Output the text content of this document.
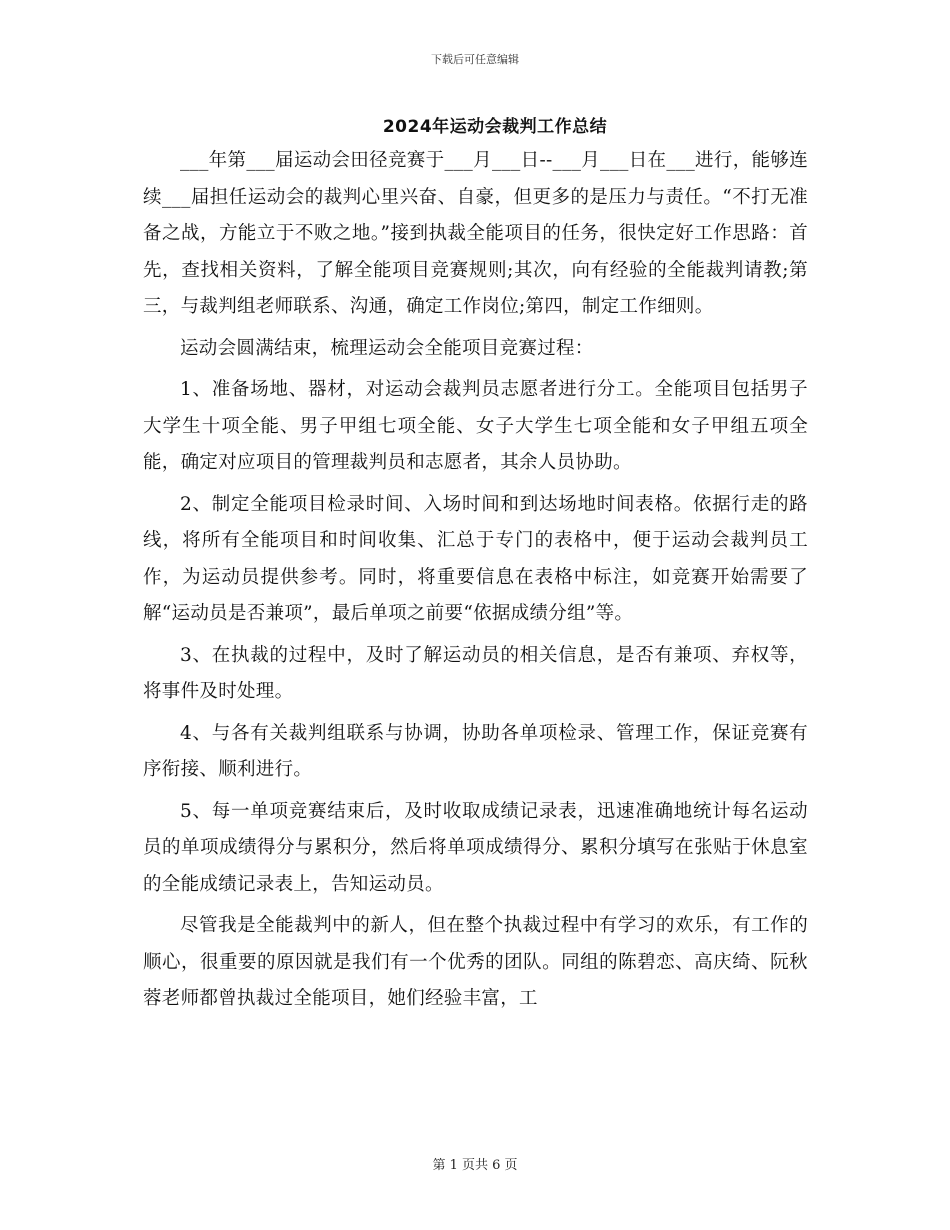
下载后可任意编辑
2024年运动会裁判工作总结

___年第___届运动会田径竞赛于___月___日--___月___日在___进行，能够连续___届担任运动会的裁判心里兴奋、自豪，但更多的是压力与责任。“不打无准备之战，方能立于不败之地。”接到执裁全能项目的任务，很快定好工作思路：首先，查找相关资料，了解全能项目竞赛规则;其次，向有经验的全能裁判请教;第三，与裁判组老师联系、沟通，确定工作岗位;第四，制定工作细则。

运动会圆满结束，梳理运动会全能项目竞赛过程：

1、准备场地、器材，对运动会裁判员志愿者进行分工。全能项目包括男子大学生十项全能、男子甲组七项全能、女子大学生七项全能和女子甲组五项全能，确定对应项目的管理裁判员和志愿者，其余人员协助。

2、制定全能项目检录时间、入场时间和到达场地时间表格。依据行走的路线，将所有全能项目和时间收集、汇总于专门的表格中，便于运动会裁判员工作，为运动员提供参考。同时，将重要信息在表格中标注，如竞赛开始需要了解“运动员是否兼项”，最后单项之前要“依据成绩分组”等。

3、在执裁的过程中，及时了解运动员的相关信息，是否有兼项、弃权等，将事件及时处理。

4、与各有关裁判组联系与协调，协助各单项检录、管理工作，保证竞赛有序衔接、顺利进行。

5、每一单项竞赛结束后，及时收取成绩记录表，迅速准确地统计每名运动员的单项成绩得分与累积分，然后将单项成绩得分、累积分填写在张贴于休息室的全能成绩记录表上，告知运动员。

尽管我是全能裁判中的新人，但在整个执裁过程中有学习的欢乐，有工作的顺心，很重要的原因就是我们有一个优秀的团队。同组的陈碧恋、高庆绮、阮秋蓉老师都曾执裁过全能项目，她们经验丰富，工

第 1 页共 6 页
